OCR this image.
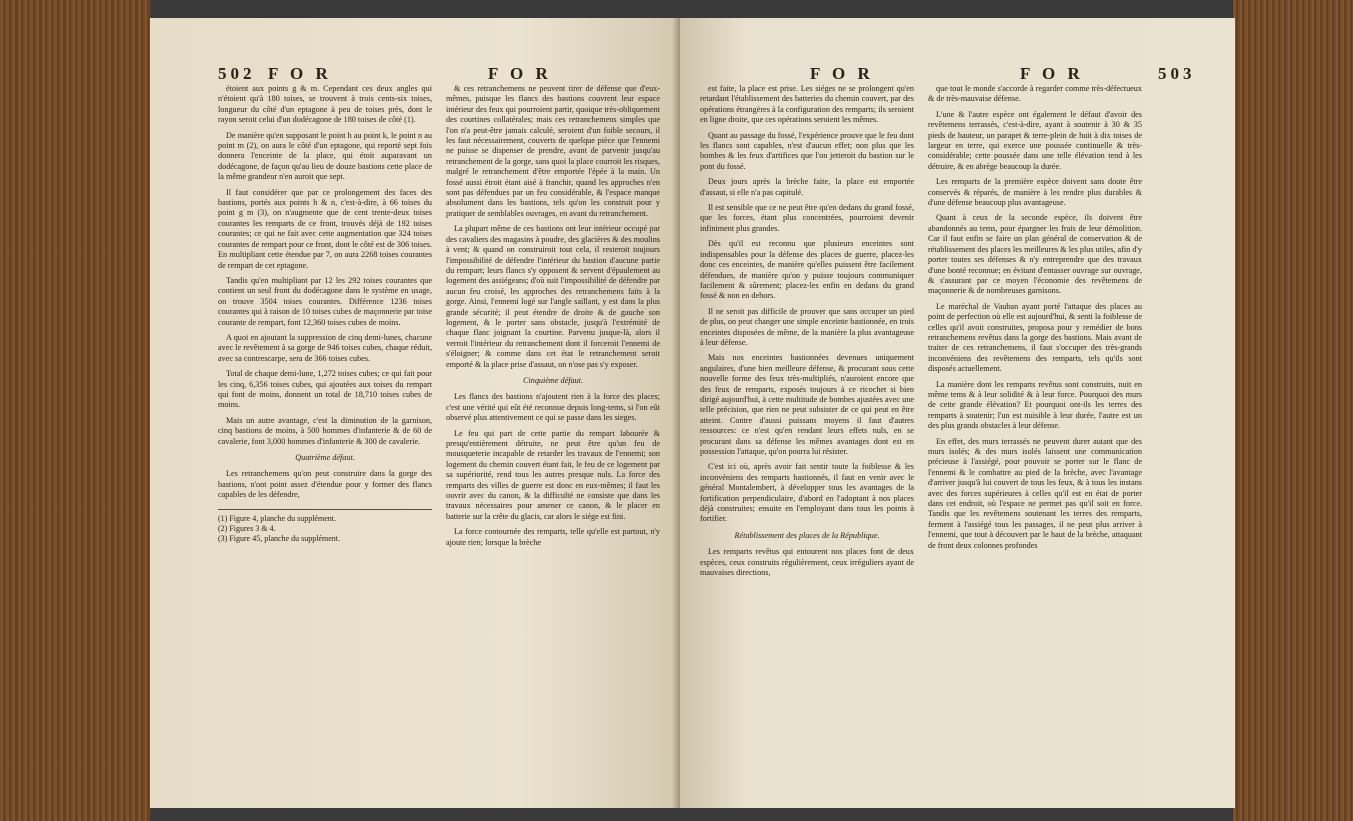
502 F O R	F O R

étoient aux points g & m. Cependant ces deux angles qui n'étoient qu'à 180 toises, se trouvent à trois cents-six toises, longueur du côté d'un eptagone à peu de toises près, dont le rayon seroit celui d'un dodécagone de 180 toises de côté (1).

De manière qu'en supposant le point h au point k, le point n au point m (2), on aura le côté d'un eptagone, qui reporté sept fois donnera l'enceinte de la place, qui étoit auparavant un dodécagone, de façon qu'au lieu de douze bastions cette place de la même grandeur n'en auroit que sept.

Il faut considérer que par ce prolongement des faces des bastions, portés aux points h & n, c'est-à-dire, à 66 toises du point g m (3), on n'augmente que de cent trente-deux toises courantes les remparts de ce front, trouvés déjà de 192 toises courantes; ce qui ne fait avec cette augmentation que 324 toises courantes de rempart pour ce front, dont le côté est de 306 toises. En multipliant cette étendue par 7, on aura 2268 toises courantes de rempart de cet eptagone.

Tandis qu'en multipliant par 12 les 292 toises courantes que contient un seul front du dodécagone dans le système en usage, on trouve 3504 toises courantes. Différence 1236 toises courantes qui à raison de 10 toises cubes de maçonnerie par toise courante de rempart, font 12,360 toises cubes de moins.

A quoi en ajoutant la suppression de cinq demi-lunes, chacune avec le revêtement à sa gorge de 946 toises cubes, chaque réduit, avec sa contrescarpe, sera de 366 toises cubes.

Total de chaque demi-lune, 1,272 toises cubes; ce qui fait pour les cinq, 6,356 toises cubes, qui ajoutées aux toises du rempart qui font de moins, donnent un total de 18,710 toises cubes de moins.

Mais un autre avantage, c'est la diminution de la garnison, cinq bastions de moins, à 500 hommes d'infanterie & de 60 de cavalerie, font 3,000 hommes d'infanterie & 300 de cavalerie.

Quatrième défaut.

Les retranchemens qu'on peut construire dans la gorge des bastions, n'ont point assez d'étendue pour y former des flancs capables de les défendre,

(1) Figure 4, planche du supplément.
(2) Figures 3 & 4.
(3) Figure 45, planche du supplément.

& ces retranchemens ne peuvent tirer de défense que d'eux-mêmes, puisque les flancs des bastions couvrent leur espace intérieur des feux qui pourroient partir, quoique très-obliquement des courtines collatérales; mais ces retranchemens simples que l'on n'a peut-être jamais calculé, seroient d'un foible secours, il les faut nécessairement, couverts de quelque pièce que l'ennemi ne puisse se dispenser de prendre, avant de parvenir jusqu'au retranchement de la gorge, sans quoi la place courroit les risques, malgré le retranchement d'être emportée l'épée à la main. Un fossé aussi étroit étant aisé à franchir, quand les approches n'en sont pas défendues par un feu considérable, & l'espace manque absolument dans les bastions, tels qu'on les construit pour y pratiquer de semblables ouvrages, en avant du retranchement.

La plupart même de ces bastions ont leur intérieur occupé par des cavaliers des magasins à poudre, des glacières & des moulins à vent; & quand on construiroit tout cela, il resteroit toujours l'impossibilité de défendre l'intérieur du bastion d'aucune partie du rempart; leurs flancs s'y opposent & servent d'épaulement au logement des assiégeans; d'où suit l'impossibilité de défendre par aucun feu croisé, les approches des retranchemens faits à la gorge. Ainsi, l'ennemi logé sur l'angle saillant, y est dans la plus grande sécurité; il peut étendre de droite & de gauche son logement, & le porter sans obstacle, jusqu'à l'extrémité de chaque flanc joignant la courtine. Parvenu jusque-là, alors il verroit l'intérieur du retranchement dont il forceroit l'ennemi de s'éloigner; & comme dans cet état le retranchement seroit emporté & la place prise d'assaut, on n'ose pas s'y exposer.

Cinquième défaut.

Les flancs des bastions n'ajoutent rien à la force des places; c'est une vérité qui eût été reconnue depuis long-tems, si l'on eût observé plus attentivement ce qui se passe dans les sieges.

Le feu qui part de cette partie du rempart labourée & presqu'entièrement détruite, ne peut être qu'un feu de mousqueterie incapable de retarder les travaux de l'ennemi; son logement du chemin couvert étant fait, le feu de ce logement par sa supériorité, rend tous les autres presque nuls. La force des remparts des villes de guerre est donc en eux-mêmes; il faut les ouvrir avec du canon, & la difficulté ne consiste que dans les travaux nécessaires pour amener ce canon, & le placer en batterie sur la crête du glacis, car alors le siége est fini.

La force contournée des remparts, telle qu'elle est partout, n'y ajoute rien; lorsque la brèche

F O R	F O R	503

est faite, la place est prise. Les siéges ne se prolongent qu'en retardant l'établissement des batteries du chemin couvert, par des opérations étrangères à la configuration des remparts; ils seroient en ligne droite, que ces opérations seroient les mêmes.

Quant au passage du fossé, l'expérience prouve que le feu dont les flancs sont capables, n'est d'aucun effet; non plus que les bombes & les feux d'artifices que l'on jetteroit du bastion sur le pont du fossé.

Deux jours après la brèche faite, la place est emportée d'assaut, si elle n'a pas capitulé.

Il est sensible que ce ne peut être qu'en dedans du grand fossé, que les forces, étant plus concentrées, pourroient devenir infiniment plus grandes.

Dès qu'il est reconnu que plusieurs enceintes sont indispensables pour la défense des places de guerre, placez-les donc ces enceintes, de manière qu'elles puissent être facilement défendues, de manière qu'on y puisse toujours communiquer facilement & sûrement; placez-les enfin en dedans du grand fossé & non en dehors.

Il ne seroit pas difficile de prouver que sans occuper un pied de plus, on peut changer une simple enceinte bastionnée, en trois enceintes disposées de même, de la manière la plus avantageuse à leur défense.

Mais nos enceintes bastionnées devenues uniquement angulaires, d'une bien meilleure défense, & procurant sous cette nouvelle forme des feux très-multipliés, n'auroient encore que des feux de remparts, exposés toujours à ce ricochet si bien dirigé aujourd'hui, à cette multitude de bombes ajustées avec une telle précision, que rien ne peut subsister de ce qui peut en être atteint. Contre d'aussi puissans moyens il faut d'autres ressources: ce n'est qu'en rendant leurs effets nuls, en se procurant dans sa défense les mêmes avantages dont est en possession l'attaque, qu'on pourra lui résister.

C'est ici où, après avoir fait sentir toute la foiblesse & les inconvéniens des remparts bastionnés, il faut en venir avec le général Montalembert, à développer tous les avantages de la fortification perpendiculaire, d'abord en l'adoptant à nos places déjà construites; ensuite en l'employant dans tous les points à fortifier.

Rétablissement des places de la République.

Les remparts revêtus qui entourent nos places font de deux espèces, ceux construits régulièrement, ceux irréguliers ayant de mauvaises directions,

que tout le monde s'accorde à regarder comme très-défectueux & de très-mauvaise défense.

L'une & l'autre espèce ont également le défaut d'avoir des revêtemens terrassés, c'est-à-dire, ayant à soutenir à 30 & 35 pieds de hauteur, un parapet & terre-plein de huit à dix toises de largeur en terre, qui exerce une poussée continuelle & très-considérable; cette poussée dans une telle élévation tend à les détruire, & en abrège beaucoup la durée.

Les remparts de la première espèce doivent sans doute être conservés & réparés, de manière à les rendre plus durables & d'une défense beaucoup plus avantageuse.

Quant à ceux de la seconde espèce, ils doivent être abandonnés au tems, pour épargner les frais de leur démolition. Car il faut enfin se faire un plan général de conservation & de rétablissement des places les meilleures & les plus utiles, afin d'y porter toutes ses défenses & n'y entreprendre que des travaux d'une bonté reconnue; en évitant d'entasser ouvrage sur ouvrage, & s'assurant par ce moyen l'économie des revêtemens de maçonnerie & de nombreuses garnisons.

Le maréchal de Vauban ayant porté l'attaque des places au point de perfection où elle est aujourd'hui, & senti la foiblesse de celles qu'il avoit construites, proposa pour y remédier de bons retranchemens revêtus dans la gorge des bastions. Mais avant de traiter de ces retranchemens, il faut s'occuper des très-grands inconvéniens des revêtemens des remparts, tels qu'ils sont disposés actuellement.

La manière dont les remparts revêtus sont construits, nuit en même tems & à leur solidité & à leur force. Pourquoi des murs de cette grande élévation? Et pourquoi ont-ils les terres des remparts à soutenir; l'un est nuisible à leur durée, l'autre est un des plus grands obstacles à leur défense.

En effet, des murs terrassés ne peuvent durer autant que des murs isolés; & des murs isolés laissent une communication précieuse à l'assiégé, pour pouvoir se porter sur le flanc de l'ennemi & le combattre au pied de la brèche, avec l'avantage d'arriver jusqu'à lui couvert de tous les feux, & à tous les instans avec des forces supérieures à celles qu'il est en état de porter dans cet endroit, où l'espace ne permet pas qu'il soit en force. Tandis que les revêtemens soutenant les terres des remparts, ferment à l'assiégé tous les passages, il ne peut plus arriver à l'ennemi, que tout à découvert par le haut de la brèche, attaquant de front deux colonnes profondes
